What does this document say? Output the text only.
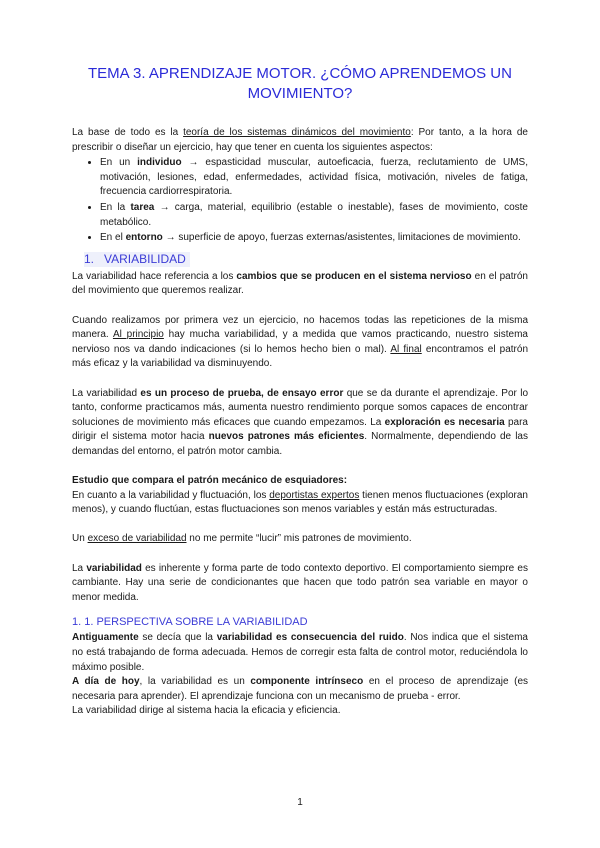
TEMA 3. APRENDIZAJE MOTOR. ¿CÓMO APRENDEMOS UN MOVIMIENTO?

La base de todo es la teoría de los sistemas dinámicos del movimiento: Por tanto, a la hora de prescribir o diseñar un ejercicio, hay que tener en cuenta los siguientes aspectos:

• En un individuo → espasticidad muscular, autoeficacia, fuerza, reclutamiento de UMS, motivación, lesiones, edad, enfermedades, actividad física, motivación, niveles de fatiga, frecuencia cardiorrespiratoria.
• En la tarea → carga, material, equilibrio (estable o inestable), fases de movimiento, coste metabólico.
• En el entorno → superficie de apoyo, fuerzas externas/asistentes, limitaciones de movimiento.
1. VARIABILIDAD

La variabilidad hace referencia a los cambios que se producen en el sistema nervioso en el patrón del movimiento que queremos realizar.

Cuando realizamos por primera vez un ejercicio, no hacemos todas las repeticiones de la misma manera. Al principio hay mucha variabilidad, y a medida que vamos practicando, nuestro sistema nervioso nos va dando indicaciones (si lo hemos hecho bien o mal). Al final encontramos el patrón más eficaz y la variabilidad va disminuyendo.

La variabilidad es un proceso de prueba, de ensayo error que se da durante el aprendizaje. Por lo tanto, conforme practicamos más, aumenta nuestro rendimiento porque somos capaces de encontrar soluciones de movimiento más eficaces que cuando empezamos. La exploración es necesaria para dirigir el sistema motor hacia nuevos patrones más eficientes. Normalmente, dependiendo de las demandas del entorno, el patrón motor cambia.

Estudio que compara el patrón mecánico de esquiadores:

En cuanto a la variabilidad y fluctuación, los deportistas expertos tienen menos fluctuaciones (exploran menos), y cuando fluctúan, estas fluctuaciones son menos variables y están más estructuradas.

Un exceso de variabilidad no me permite “lucir” mis patrones de movimiento.

La variabilidad es inherente y forma parte de todo contexto deportivo. El comportamiento siempre es cambiante. Hay una serie de condicionantes que hacen que todo patrón sea variable en mayor o menor medida.

1. 1. PERSPECTIVA SOBRE LA VARIABILIDAD

Antiguamente se decía que la variabilidad es consecuencia del ruido. Nos indica que el sistema no está trabajando de forma adecuada. Hemos de corregir esta falta de control motor, reduciéndola lo máximo posible.

A día de hoy, la variabilidad es un componente intrínseco en el proceso de aprendizaje (es necesaria para aprender). El aprendizaje funciona con un mecanismo de prueba - error.

La variabilidad dirige al sistema hacia la eficacia y eficiencia.

1
